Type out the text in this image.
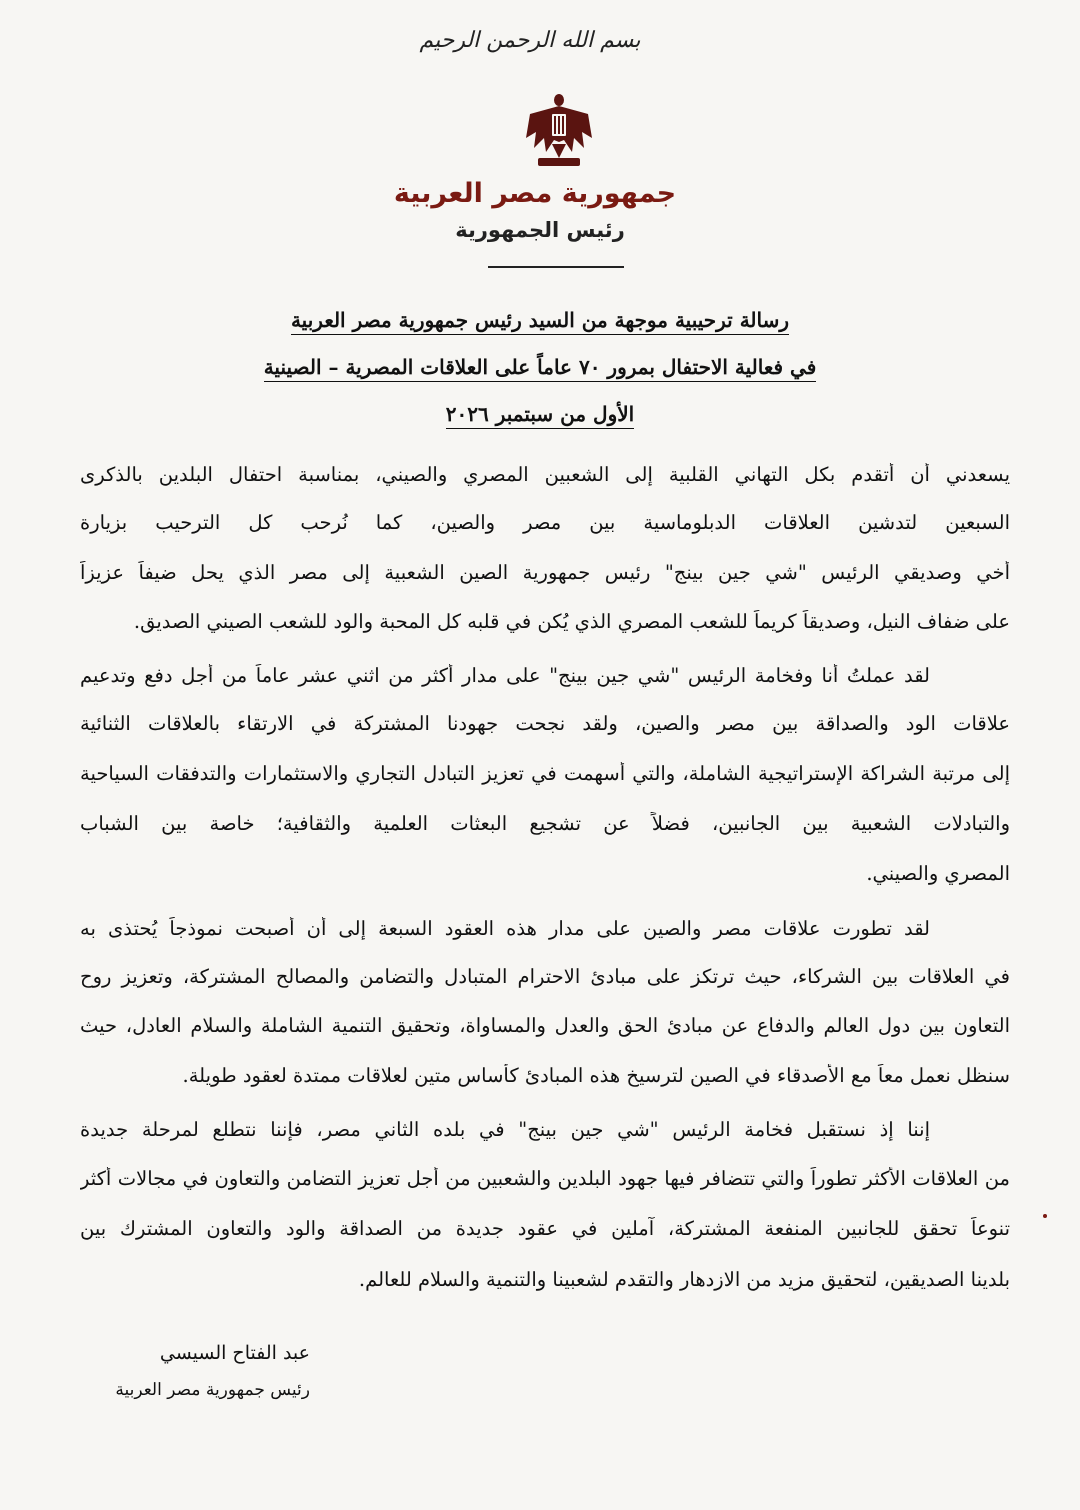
بسم الله الرحمن الرحيم
جمهورية مصر العربية
رئيس الجمهورية
رسالة ترحيبية موجهة من السيد رئيس جمهورية مصر العربية
في فعالية الاحتفال بمرور ٧٠ عاماً على العلاقات المصرية – الصينية
الأول من سبتمبر ٢٠٢٦
يسعدني أن أتقدم بكل التهاني القلبية إلى الشعبين المصري والصيني، بمناسبة احتفال البلدين بالذكرى
السبعين لتدشين العلاقات الدبلوماسية بين مصر والصين، كما نُرحب كل الترحيب بزيارة
أخي وصديقي الرئيس "شي جين بينج" رئيس جمهورية الصين الشعبية إلى مصر الذي يحل ضيفاً عزيزاً
على ضفاف النيل، وصديقاً كريماً للشعب المصري الذي يُكن في قلبه كل المحبة والود للشعب الصيني الصديق.
لقد عملتُ أنا وفخامة الرئيس "شي جين بينج" على مدار أكثر من اثني عشر عاماً من أجل دفع وتدعيم
علاقات الود والصداقة بين مصر والصين، ولقد نجحت جهودنا المشتركة في الارتقاء بالعلاقات الثنائية
إلى مرتبة الشراكة الإستراتيجية الشاملة، والتي أسهمت في تعزيز التبادل التجاري والاستثمارات والتدفقات السياحية
والتبادلات الشعبية بين الجانبين، فضلاً عن تشجيع البعثات العلمية والثقافية؛ خاصة بين الشباب
المصري والصيني.
لقد تطورت علاقات مصر والصين على مدار هذه العقود السبعة إلى أن أصبحت نموذجاً يُحتذى به
في العلاقات بين الشركاء، حيث ترتكز على مبادئ الاحترام المتبادل والتضامن والمصالح المشتركة، وتعزيز روح
التعاون بين دول العالم والدفاع عن مبادئ الحق والعدل والمساواة، وتحقيق التنمية الشاملة والسلام العادل، حيث
سنظل نعمل معاً مع الأصدقاء في الصين لترسيخ هذه المبادئ كأساس متين لعلاقات ممتدة لعقود طويلة.
إننا إذ نستقبل فخامة الرئيس "شي جين بينج" في بلده الثاني مصر، فإننا نتطلع لمرحلة جديدة
من العلاقات الأكثر تطوراً والتي تتضافر فيها جهود البلدين والشعبين من أجل تعزيز التضامن والتعاون في مجالات أكثر
تنوعاً تحقق للجانبين المنفعة المشتركة، آملين في عقود جديدة من الصداقة والود والتعاون المشترك بين
بلدينا الصديقين، لتحقيق مزيد من الازدهار والتقدم لشعبينا والتنمية والسلام للعالم.
عبد الفتاح السيسي
رئيس جمهورية مصر العربية
